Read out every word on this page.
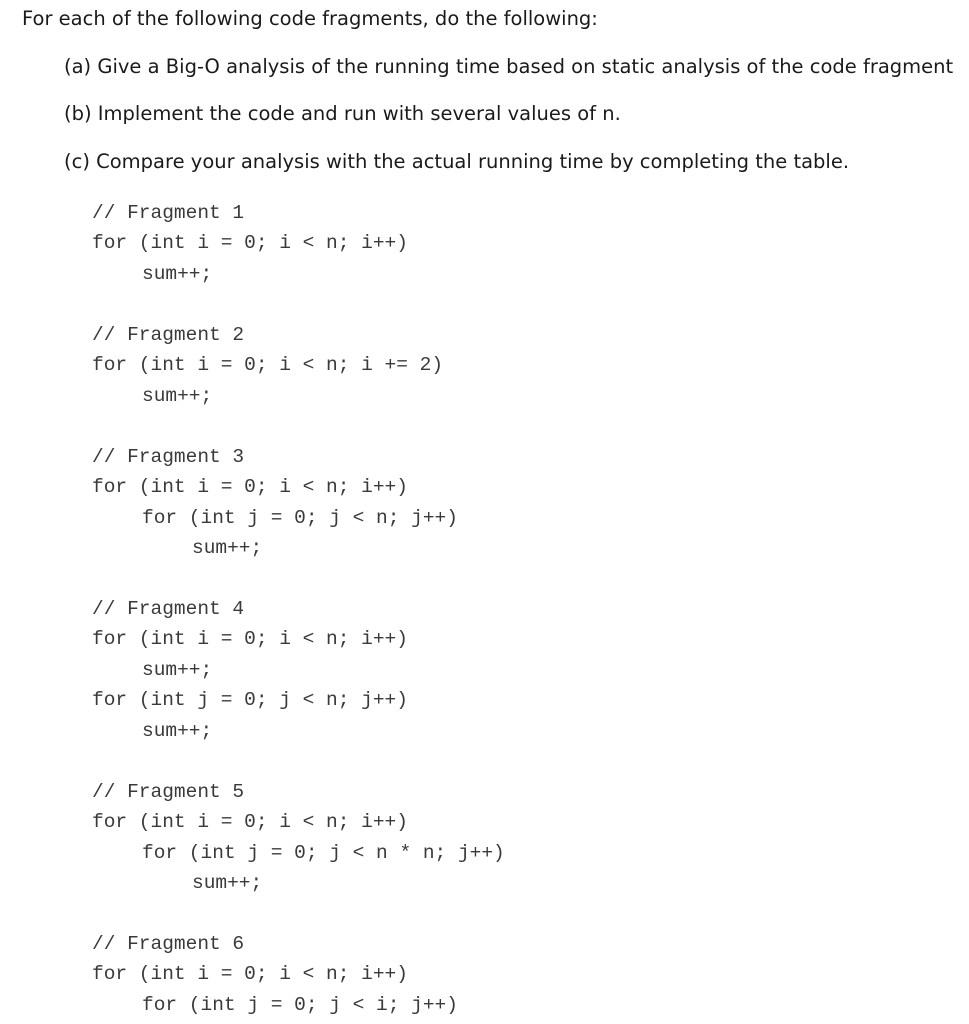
For each of the following code fragments, do the following:
(a) Give a Big-O analysis of the running time based on static analysis of the code fragment
(b) Implement the code and run with several values of n.
(c) Compare your analysis with the actual running time by completing the table.
// Fragment 1
for (int i = 0; i < n; i++)
sum++;
// Fragment 2
for (int i = 0; i < n; i += 2)
sum++;
// Fragment 3
for (int i = 0; i < n; i++)
for (int j = 0; j < n; j++)
sum++;
// Fragment 4
for (int i = 0; i < n; i++)
sum++;
for (int j = 0; j < n; j++)
sum++;
// Fragment 5
for (int i = 0; i < n; i++)
for (int j = 0; j < n * n; j++)
sum++;
// Fragment 6
for (int i = 0; i < n; i++)
for (int j = 0; j < i; j++)
